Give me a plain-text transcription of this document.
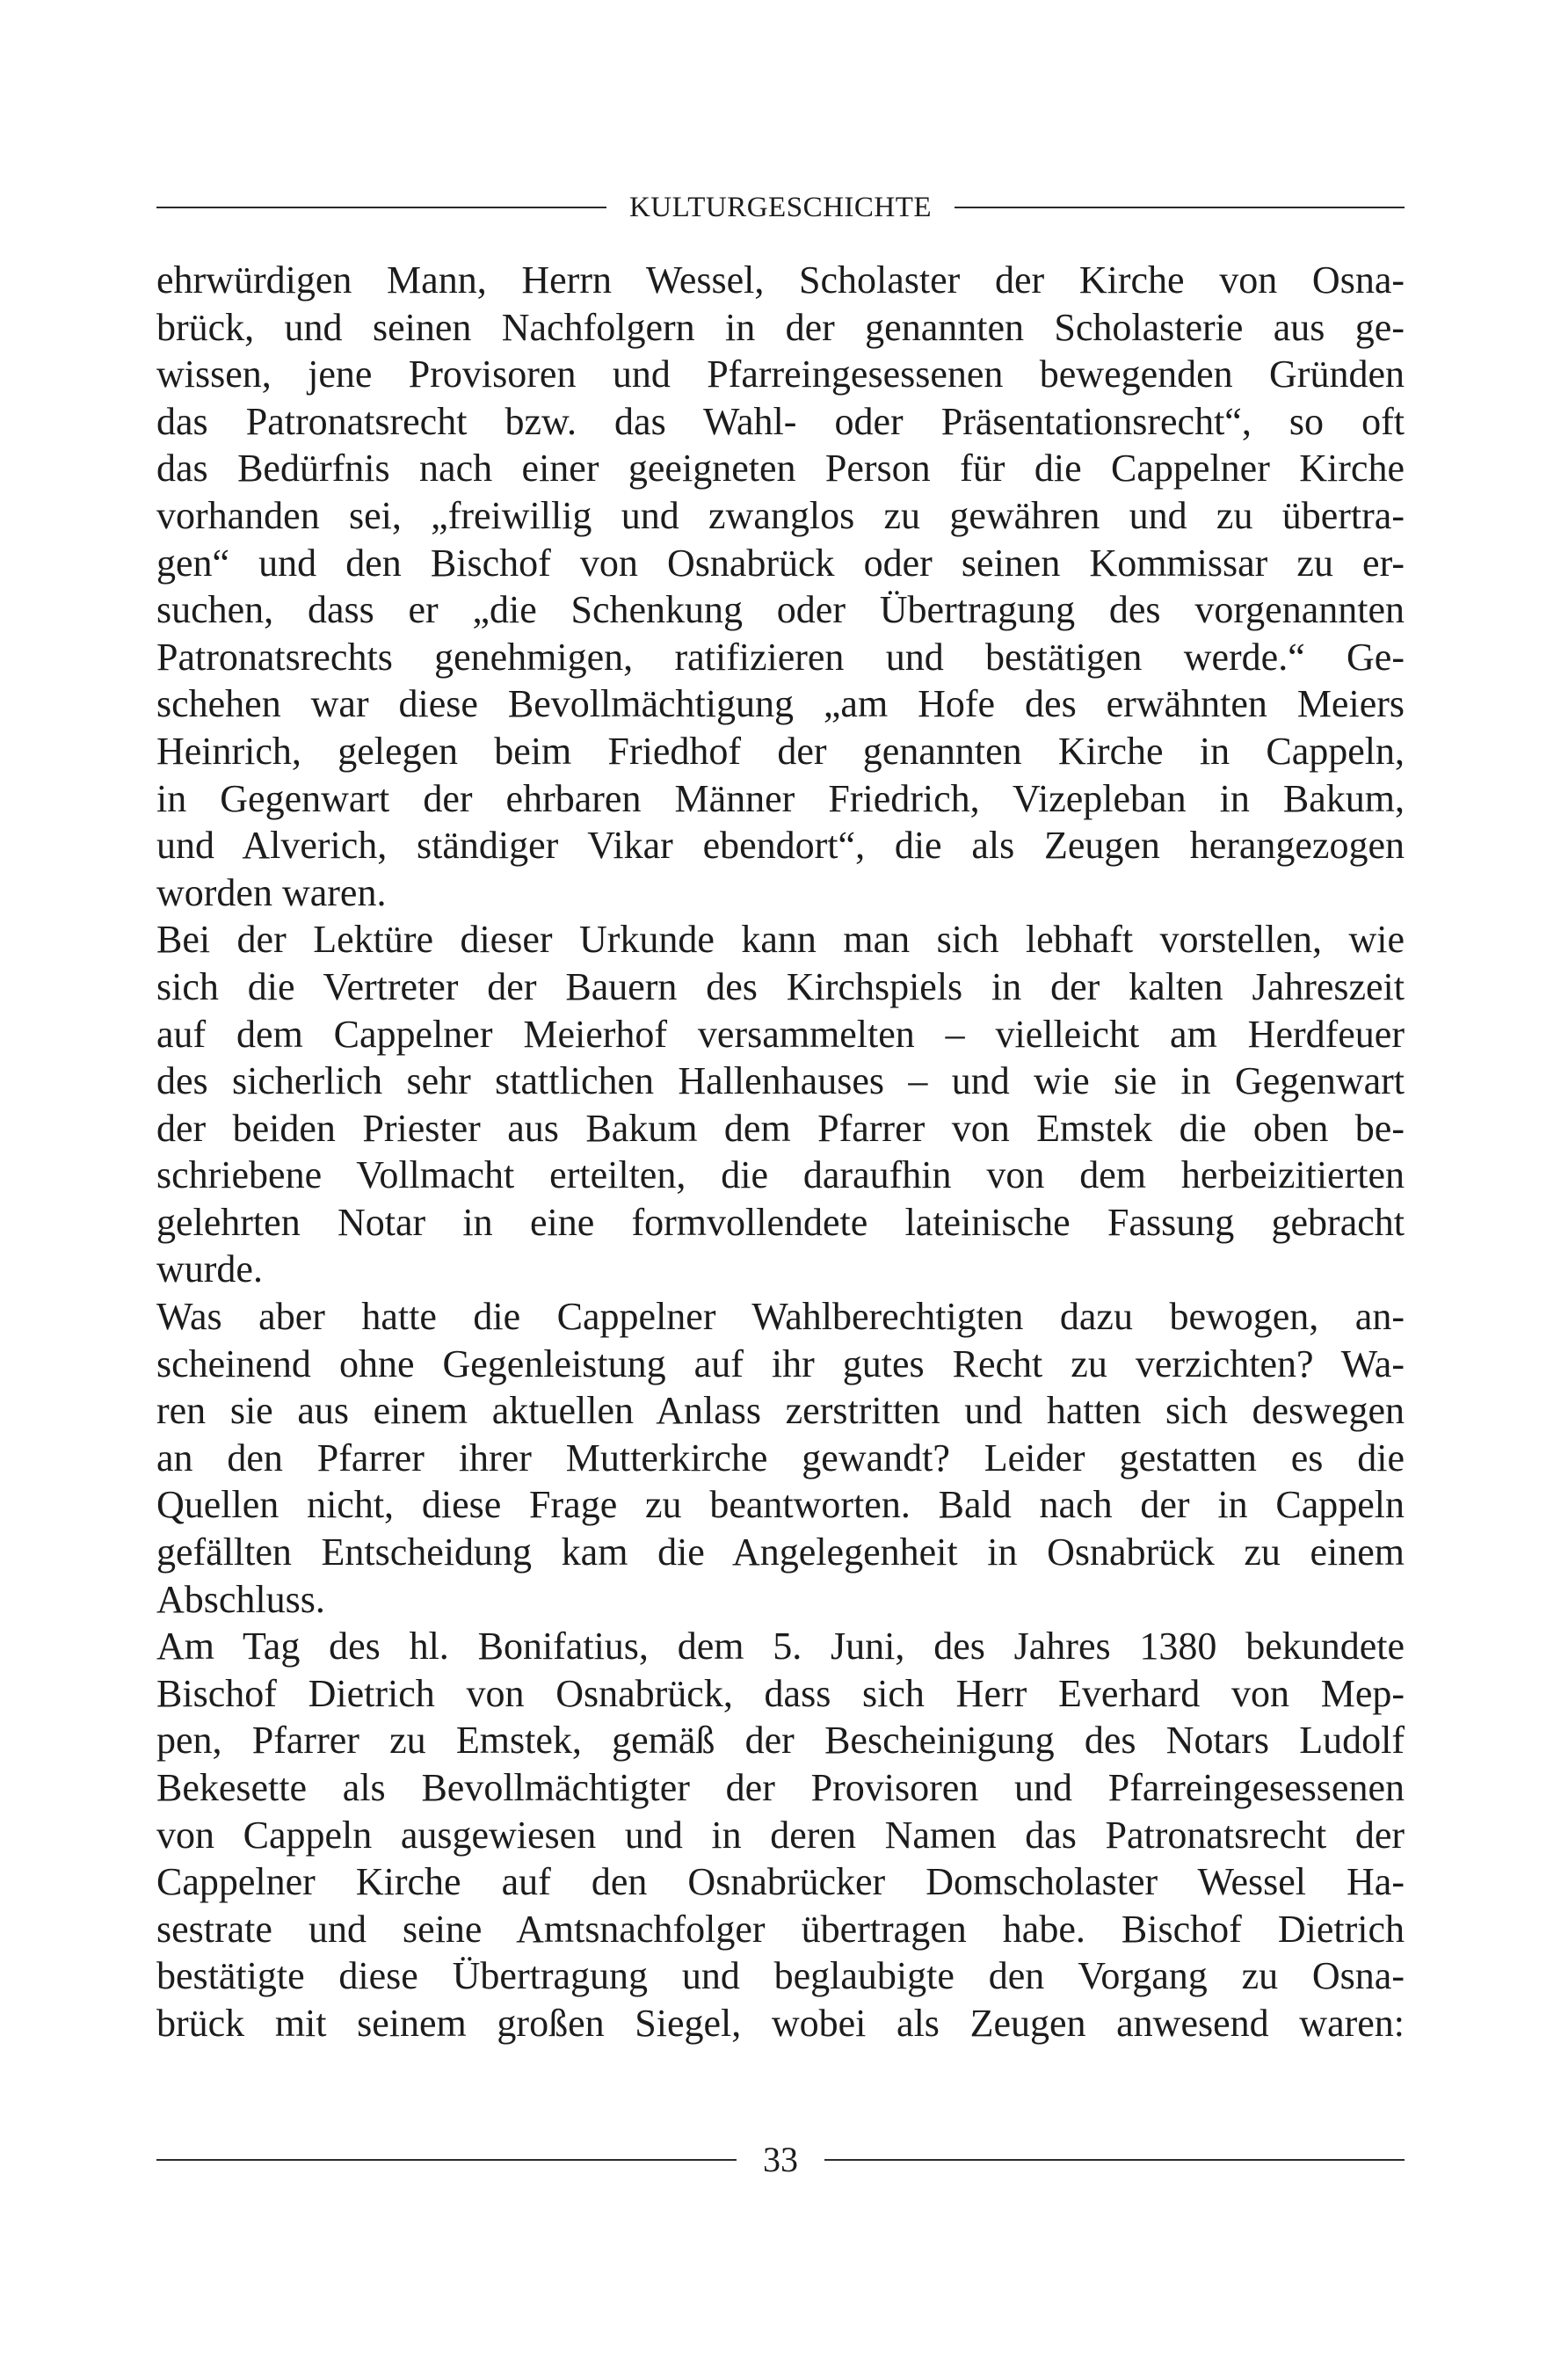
KULTURGESCHICHTE
ehrwürdigen Mann, Herrn Wessel, Scholaster der Kirche von Osna-
brück, und seinen Nachfolgern in der genannten Scholasterie aus ge-
wissen, jene Provisoren und Pfarreingesessenen bewegenden Gründen
das Patronatsrecht bzw. das Wahl- oder Präsentationsrecht“, so oft
das Bedürfnis nach einer geeigneten Person für die Cappelner Kirche
vorhanden sei, „freiwillig und zwanglos zu gewähren und zu übertra-
gen“ und den Bischof von Osnabrück oder seinen Kommissar zu er-
suchen, dass er „die Schenkung oder Übertragung des vorgenannten
Patronatsrechts genehmigen, ratifizieren und bestätigen werde.“ Ge-
schehen war diese Bevollmächtigung „am Hofe des erwähnten Meiers
Heinrich, gelegen beim Friedhof der genannten Kirche in Cappeln,
in Gegenwart der ehrbaren Männer Friedrich, Vizepleban in Bakum,
und Alverich, ständiger Vikar ebendort“, die als Zeugen herangezogen
worden waren.
Bei der Lektüre dieser Urkunde kann man sich lebhaft vorstellen, wie
sich die Vertreter der Bauern des Kirchspiels in der kalten Jahreszeit
auf dem Cappelner Meierhof versammelten – vielleicht am Herdfeuer
des sicherlich sehr stattlichen Hallenhauses – und wie sie in Gegenwart
der beiden Priester aus Bakum dem Pfarrer von Emstek die oben be-
schriebene Vollmacht erteilten, die daraufhin von dem herbeizitierten
gelehrten Notar in eine formvollendete lateinische Fassung gebracht
wurde.
Was aber hatte die Cappelner Wahlberechtigten dazu bewogen, an-
scheinend ohne Gegenleistung auf ihr gutes Recht zu verzichten? Wa-
ren sie aus einem aktuellen Anlass zerstritten und hatten sich deswegen
an den Pfarrer ihrer Mutterkirche gewandt? Leider gestatten es die
Quellen nicht, diese Frage zu beantworten. Bald nach der in Cappeln
gefällten Entscheidung kam die Angelegenheit in Osnabrück zu einem
Abschluss.
Am Tag des hl. Bonifatius, dem 5. Juni, des Jahres 1380 bekundete
Bischof Dietrich von Osnabrück, dass sich Herr Everhard von Mep-
pen, Pfarrer zu Emstek, gemäß der Bescheinigung des Notars Ludolf
Bekesette als Bevollmächtigter der Provisoren und Pfarreingesessenen
von Cappeln ausgewiesen und in deren Namen das Patronatsrecht der
Cappelner Kirche auf den Osnabrücker Domscholaster Wessel Ha-
sestrate und seine Amtsnachfolger übertragen habe. Bischof Dietrich
bestätigte diese Übertragung und beglaubigte den Vorgang zu Osna-
brück mit seinem großen Siegel, wobei als Zeugen anwesend waren:
33
